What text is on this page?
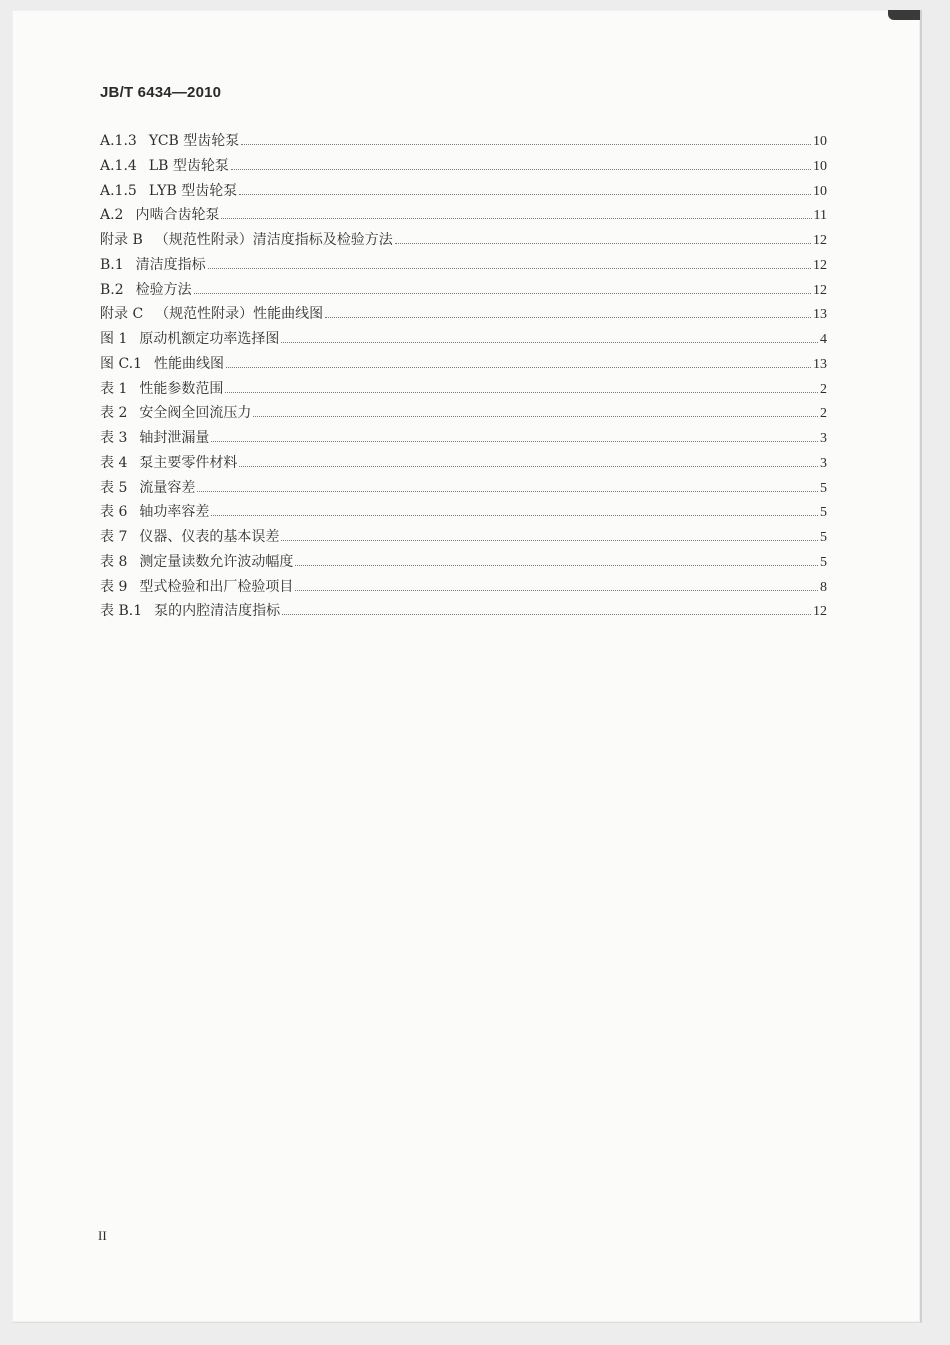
JB/T 6434—2010
A.1.3 YCB 型齿轮泵	10
A.1.4 LB 型齿轮泵	10
A.1.5 LYB 型齿轮泵	10
A.2 内啮合齿轮泵	11
附录 B （规范性附录）清洁度指标及检验方法	12
B.1 清洁度指标	12
B.2 检验方法	12
附录 C （规范性附录）性能曲线图	13
图 1 原动机额定功率选择图	4
图 C.1 性能曲线图	13
表 1 性能参数范围	2
表 2 安全阀全回流压力	2
表 3 轴封泄漏量	3
表 4 泵主要零件材料	3
表 5 流量容差	5
表 6 轴功率容差	5
表 7 仪器、仪表的基本误差	5
表 8 测定量读数允许波动幅度	5
表 9 型式检验和出厂检验项目	8
表 B.1 泵的内腔清洁度指标	12
II
